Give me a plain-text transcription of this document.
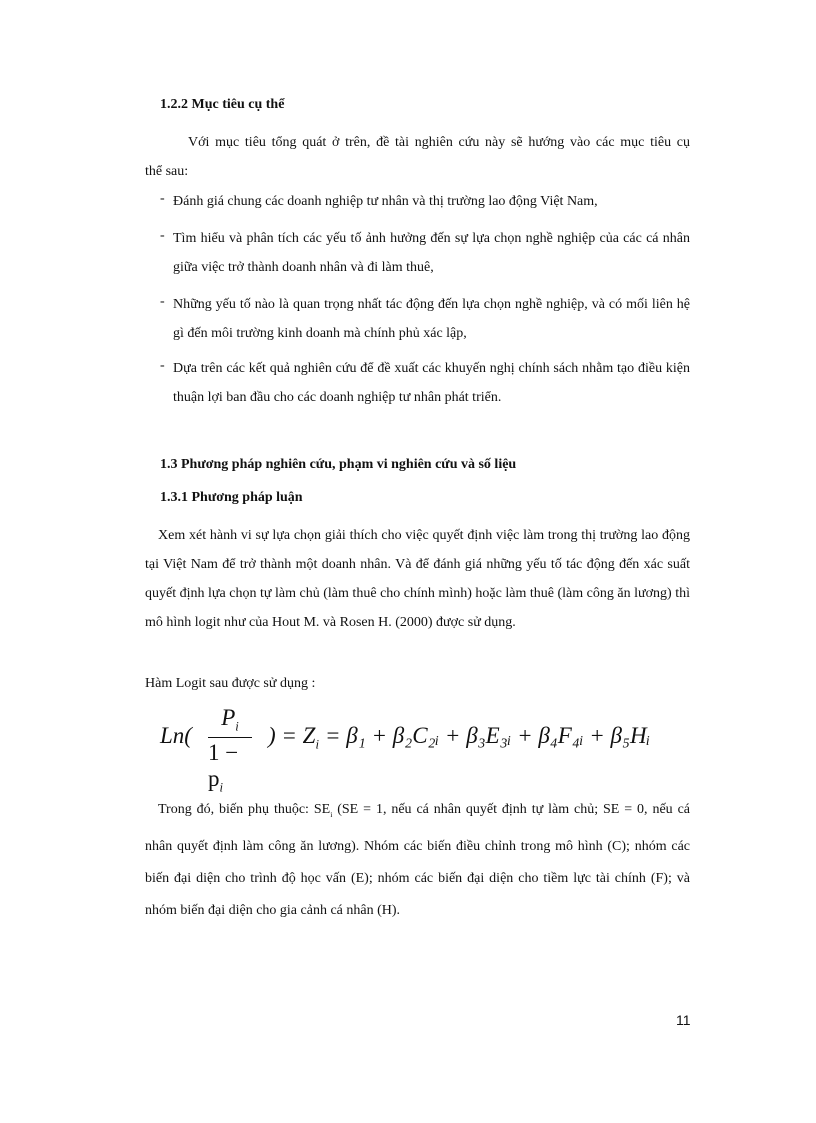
1.2.2 Mục tiêu cụ thể
Với mục tiêu tổng quát ở trên, đề tài nghiên cứu này sẽ hướng vào các mục tiêu cụ
thể sau:
- Đánh giá chung các doanh nghiệp tư nhân và thị trường lao động Việt Nam,

- Tìm hiểu và phân tích các yếu tố ảnh hưởng đến sự lựa chọn nghề nghiệp của các cá nhân giữa việc trở thành doanh nhân và đi làm thuê,

- Những yếu tố nào là quan trọng nhất tác động đến lựa chọn nghề nghiệp, và có mối liên hệ gì đến môi trường kinh doanh mà chính phủ xác lập,

- Dựa trên các kết quả nghiên cứu để đề xuất các khuyến nghị chính sách nhằm tạo điều kiện thuận lợi ban đầu cho các doanh nghiệp tư nhân phát triển.

1.3 Phương pháp nghiên cứu, phạm vi nghiên cứu và số liệu
1.3.1 Phương pháp luận

Xem xét hành vi sự lựa chọn giải thích cho việc quyết định việc làm trong thị trường lao động tại Việt Nam để trở thành một doanh nhân. Và để đánh giá những yếu tố tác động đến xác suất quyết định lựa chọn tự làm chủ (làm thuê cho chính mình) hoặc làm thuê (làm công ăn lương) thì mô hình logit như của Hout M. và Rosen H. (2000) được sử dụng.

Hàm Logit sau được sử dụng :

Ln(
$P_i$
$1 - p_i$
) = $Z_i = \beta_1$ + β₂C₂ᵢ + β₃E₃ᵢ + β₄F₄ᵢ + β₅Hᵢ

Trong đó, biến phụ thuộc: $SE_i$ (SE = 1, nếu cá nhân quyết định tự làm chủ; SE = 0, nếu cá nhân quyết định làm công ăn lương). Nhóm các biến điều chỉnh trong mô hình (C); nhóm các biến đại diện cho trình độ học vấn (E); nhóm các biến đại diện cho tiềm lực tài chính (F); và nhóm biến đại diện cho gia cảnh cá nhân (H).

11
